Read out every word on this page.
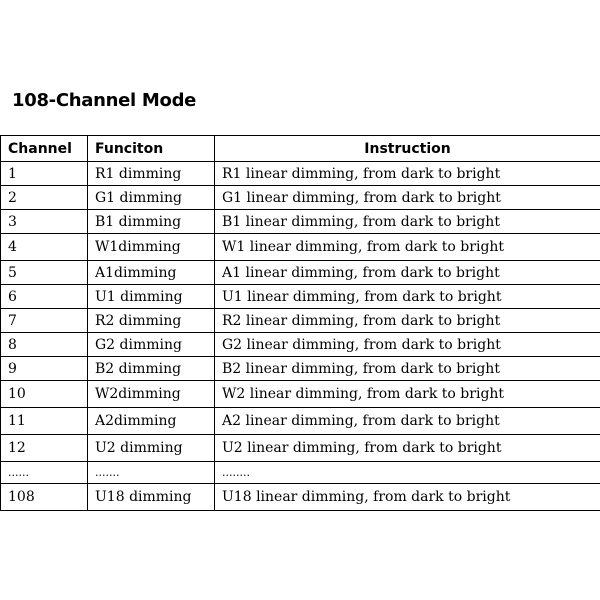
108-Channel Mode
Channel	Funciton	Instruction
1	R1 dimming	R1 linear dimming, from dark to bright
2	G1 dimming	G1 linear dimming, from dark to bright
3	B1 dimming	B1 linear dimming, from dark to bright
4	W1dimming	W1 linear dimming, from dark to bright
5	A1dimming	A1 linear dimming, from dark to bright
6	U1 dimming	U1 linear dimming, from dark to bright
7	R2 dimming	R2 linear dimming, from dark to bright
8	G2 dimming	G2 linear dimming, from dark to bright
9	B2 dimming	B2 linear dimming, from dark to bright
10	W2dimming	W2 linear dimming, from dark to bright
11	A2dimming	A2 linear dimming, from dark to bright
12	U2 dimming	U2 linear dimming, from dark to bright
......	.......	........
108	U18 dimming	U18 linear dimming, from dark to bright
